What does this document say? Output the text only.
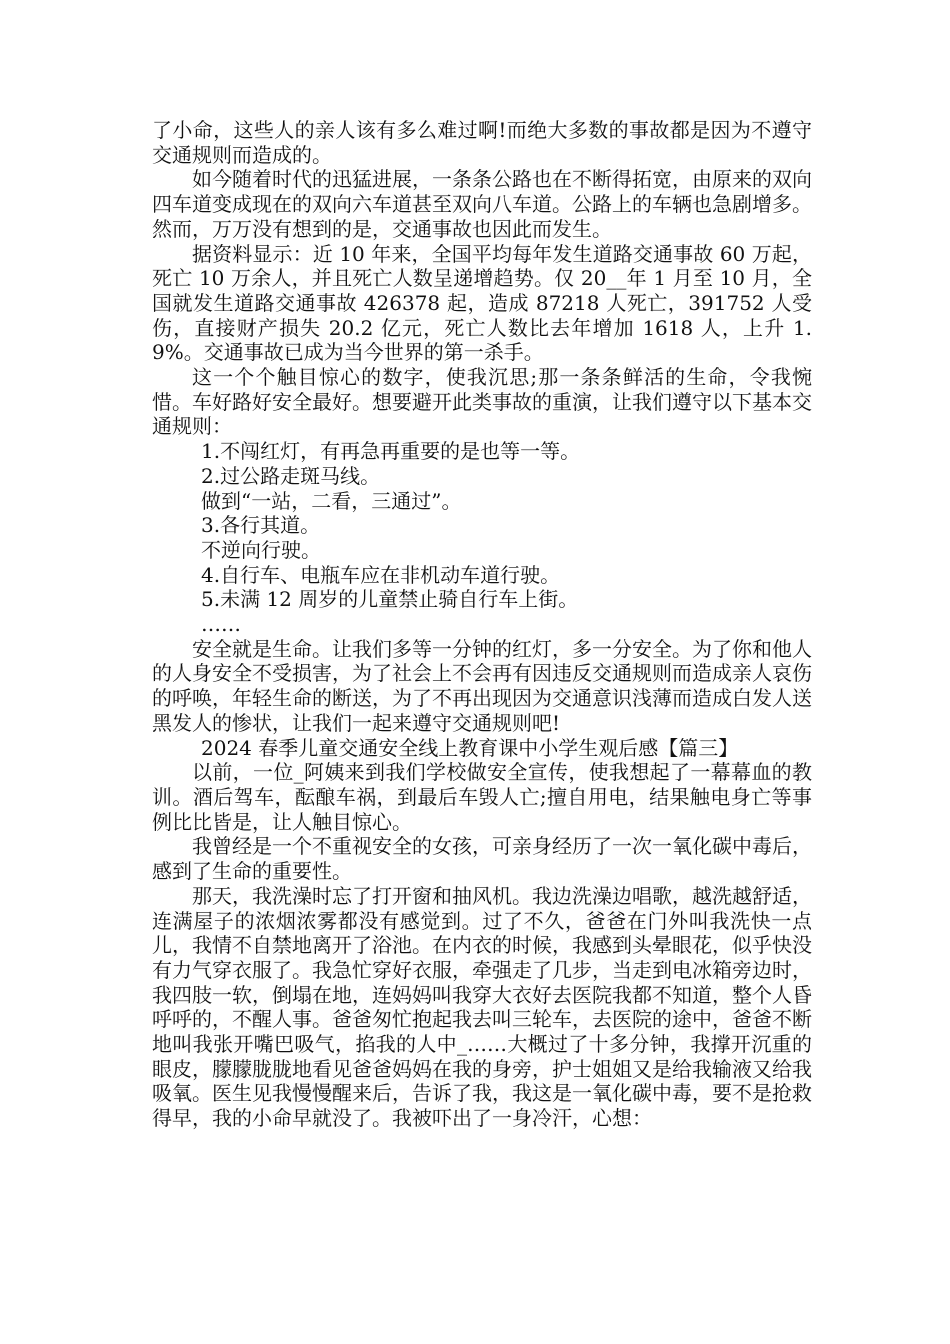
了小命，这些人的亲人该有多么难过啊!而绝大多数的事故都是因为不遵守交通规则而造成的。

如今随着时代的迅猛进展，一条条公路也在不断得拓宽，由原来的双向四车道变成现在的双向六车道甚至双向八车道。公路上的车辆也急剧增多。然而，万万没有想到的是，交通事故也因此而发生。

据资料显示：近 10 年来，全国平均每年发生道路交通事故 60 万起，死亡 10 万余人，并且死亡人数呈递增趋势。仅 20__年 1 月至 10 月，全国就发生道路交通事故 426378 起，造成 87218 人死亡，391752 人受伤，直接财产损失 20.2 亿元，死亡人数比去年增加 1618 人，上升 1.9%。交通事故已成为当今世界的第一杀手。

这一个个触目惊心的数字，使我沉思;那一条条鲜活的生命，令我惋惜。车好路好安全最好。想要避开此类事故的重演，让我们遵守以下基本交通规则：

1.不闯红灯，有再急再重要的是也等一等。

2.过公路走斑马线。

做到“一站，二看，三通过”。

3.各行其道。

不逆向行驶。

4.自行车、电瓶车应在非机动车道行驶。

5.未满 12 周岁的儿童禁止骑自行车上街。

……

安全就是生命。让我们多等一分钟的红灯，多一分安全。为了你和他人的人身安全不受损害，为了社会上不会再有因违反交通规则而造成亲人哀伤的呼唤，年轻生命的断送，为了不再出现因为交通意识浅薄而造成白发人送黑发人的惨状，让我们一起来遵守交通规则吧!

2024 春季儿童交通安全线上教育课中小学生观后感【篇三】

以前，一位_阿姨来到我们学校做安全宣传，使我想起了一幕幕血的教训。酒后驾车，酝酿车祸，到最后车毁人亡;擅自用电，结果触电身亡等事例比比皆是，让人触目惊心。

我曾经是一个不重视安全的女孩，可亲身经历了一次一氧化碳中毒后，感到了生命的重要性。

那天，我洗澡时忘了打开窗和抽风机。我边洗澡边唱歌，越洗越舒适，连满屋子的浓烟浓雾都没有感觉到。过了不久，爸爸在门外叫我洗快一点儿，我情不自禁地离开了浴池。在内衣的时候，我感到头晕眼花，似乎快没有力气穿衣服了。我急忙穿好衣服，牵强走了几步，当走到电冰箱旁边时，我四肢一软，倒塌在地，连妈妈叫我穿大衣好去医院我都不知道，整个人昏呼呼的，不醒人事。爸爸匆忙抱起我去叫三轮车，去医院的途中，爸爸不断地叫我张开嘴巴吸气，掐我的人中_……大概过了十多分钟，我撑开沉重的眼皮，朦朦胧胧地看见爸爸妈妈在我的身旁，护士姐姐又是给我输液又给我吸氧。医生见我慢慢醒来后，告诉了我，我这是一氧化碳中毒，要不是抢救得早，我的小命早就没了。我被吓出了一身冷汗，心想：
